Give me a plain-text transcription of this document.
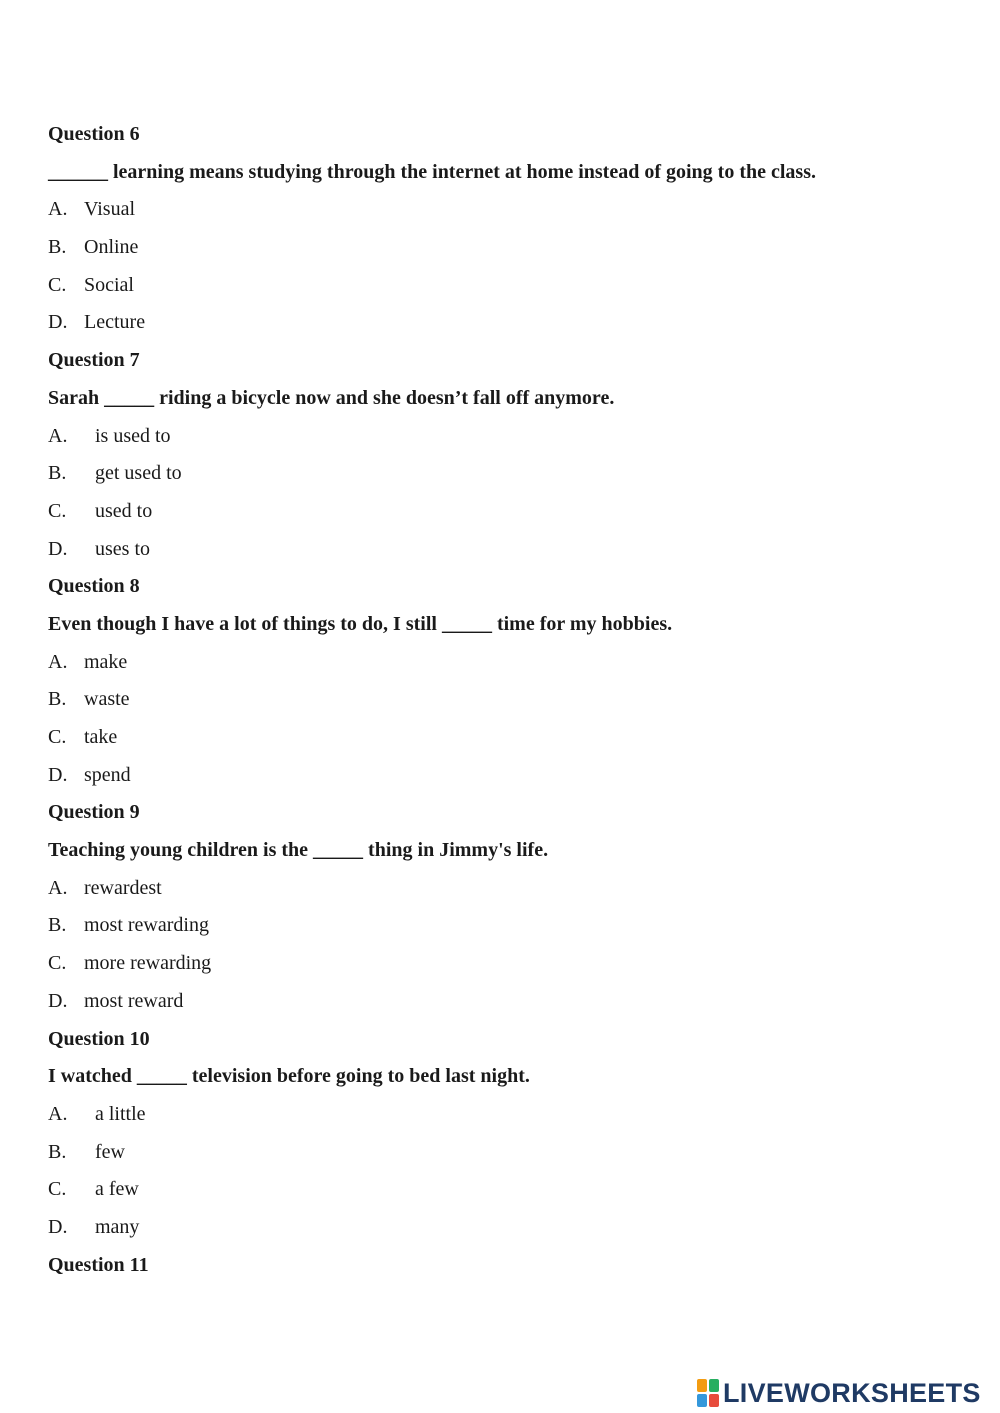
Question 6
______ learning means studying through the internet at home instead of going to the class.
A. Visual
B. Online
C. Social
D. Lecture
Question 7
Sarah _____ riding a bicycle now and she doesn’t fall off anymore.
A.	is used to
B.	get used to
C.	used to
D.	uses to
Question 8
Even though I have a lot of things to do, I still _____ time for my hobbies.
A. make
B. waste
C. take
D. spend
Question 9
Teaching young children is the _____ thing in Jimmy's life.
A. rewardest
B. most rewarding
C. more rewarding
D. most reward
Question 10
I watched _____ television before going to bed last night.
A.	a little
B.	few
C.	a few
D.	many
Question 11
LIVEWORKSHEETS
